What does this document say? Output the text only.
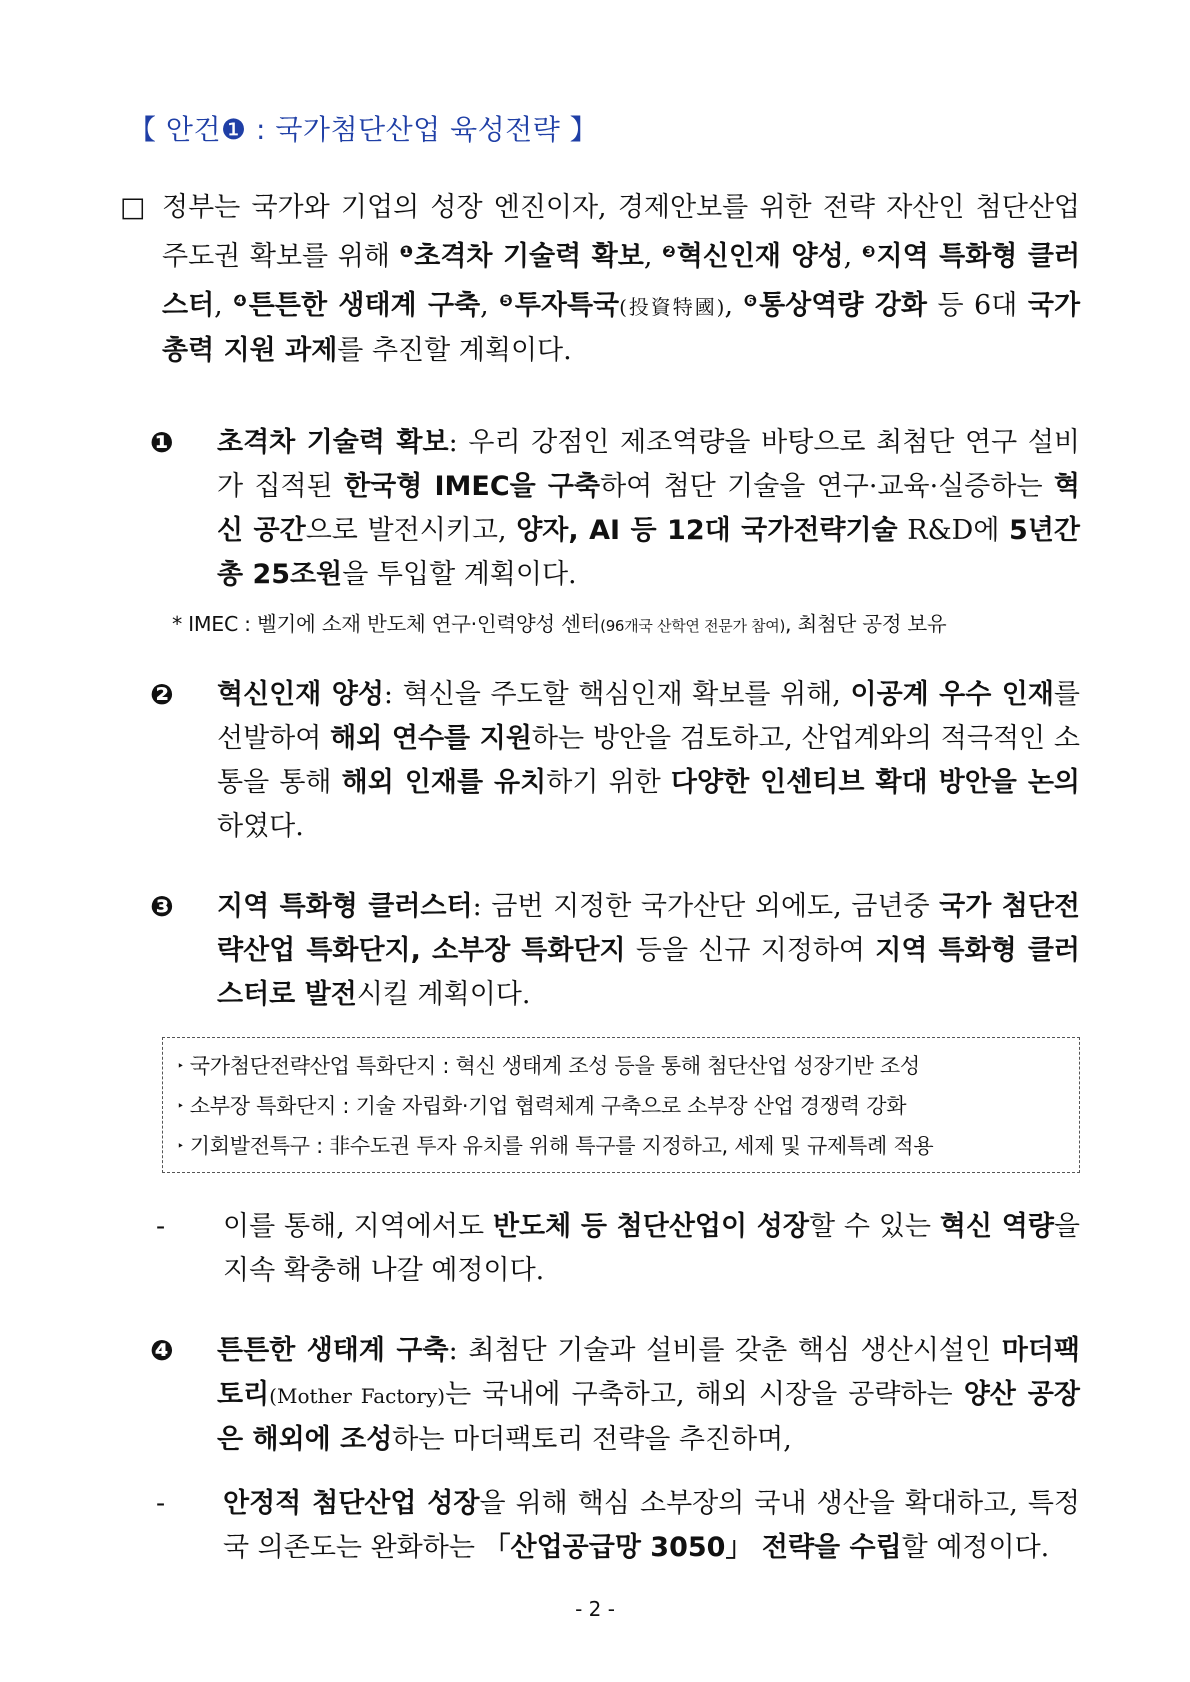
【 안건❶ : 국가첨단산업 육성전략 】

□ 정부는 국가와 기업의 성장 엔진이자, 경제안보를 위한 전략 자산인 첨단산업 주도권 확보를 위해 $^❶$초격차 기술력 확보, $^❷$혁신인재 양성, $^❸$지역 특화형 클러스터, $^❹$튼튼한 생태계 구축, $^❺$투자특국(投資特國), $^❻$통상역량 강화 등 6대 국가 총력 지원 과제를 추진할 계획이다.

❶ 초격차 기술력 확보: 우리 강점인 제조역량을 바탕으로 최첨단 연구 설비가 집적된 한국형 IMEC을 구축하여 첨단 기술을 연구·교육·실증하는 혁신 공간으로 발전시키고, 양자, AI 등 12대 국가전략기술 R&D에 5년간 총 25조원을 투입할 계획이다.

* IMEC : 벨기에 소재 반도체 연구·인력양성 센터(96개국 산학연 전문가 참여), 최첨단 공정 보유

❷ 혁신인재 양성: 혁신을 주도할 핵심인재 확보를 위해, 이공계 우수 인재를 선발하여 해외 연수를 지원하는 방안을 검토하고, 산업계와의 적극적인 소통을 통해 해외 인재를 유치하기 위한 다양한 인센티브 확대 방안을 논의하였다.

❸ 지역 특화형 클러스터: 금번 지정한 국가산단 외에도, 금년중 국가 첨단전략산업 특화단지, 소부장 특화단지 등을 신규 지정하여 지역 특화형 클러스터로 발전시킬 계획이다.

‣ 국가첨단전략산업 특화단지 : 혁신 생태계 조성 등을 통해 첨단산업 성장기반 조성
‣ 소부장 특화단지 : 기술 자립화·기업 협력체계 구축으로 소부장 산업 경쟁력 강화
‣ 기회발전특구 : 非수도권 투자 유치를 위해 특구를 지정하고, 세제 및 규제특례 적용

- 이를 통해, 지역에서도 반도체 등 첨단산업이 성장할 수 있는 혁신 역량을 지속 확충해 나갈 예정이다.

❹ 튼튼한 생태계 구축: 최첨단 기술과 설비를 갖춘 핵심 생산시설인 마더팩토리(Mother Factory)는 국내에 구축하고, 해외 시장을 공략하는 양산 공장은 해외에 조성하는 마더팩토리 전략을 추진하며,

- 안정적 첨단산업 성장을 위해 핵심 소부장의 국내 생산을 확대하고, 특정국 의존도는 완화하는 「산업공급망 3050」 전략을 수립할 예정이다.

- 2 -
